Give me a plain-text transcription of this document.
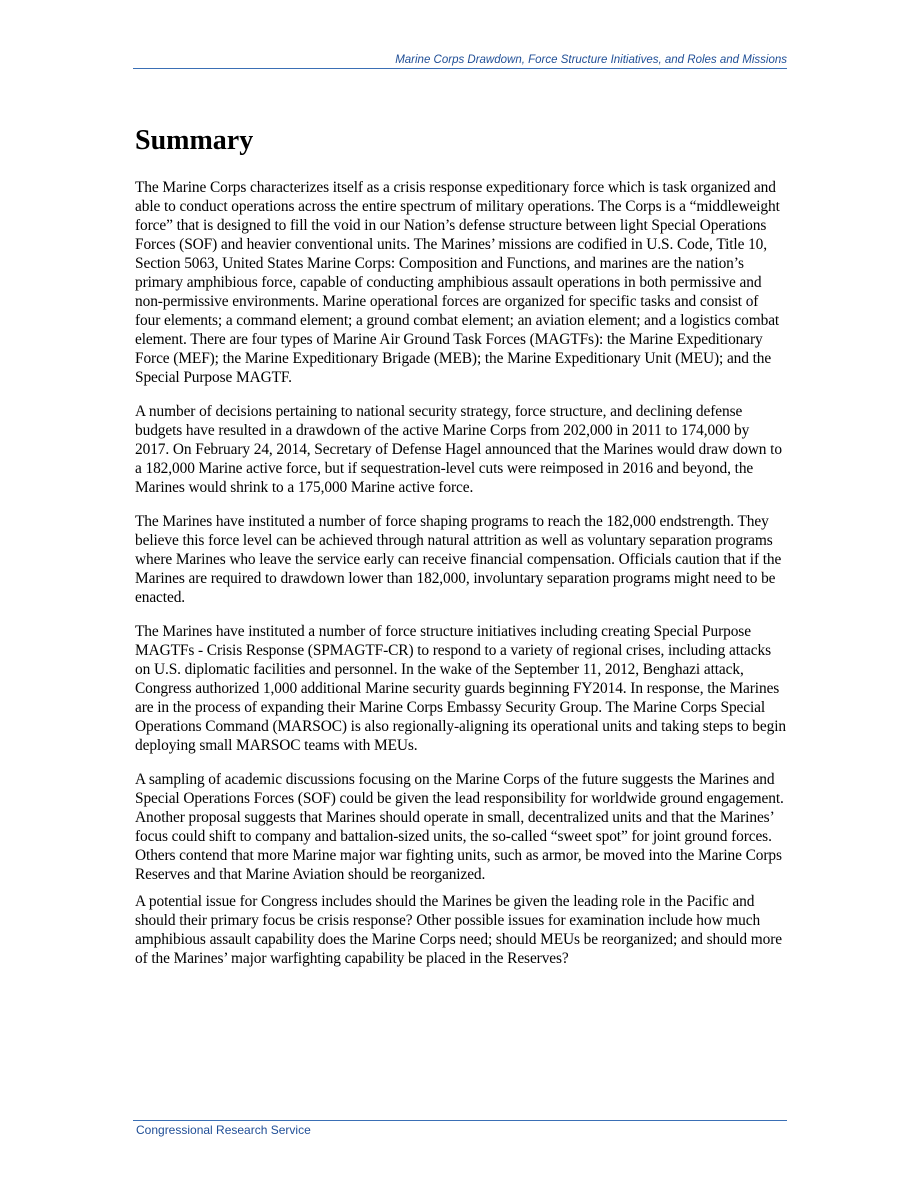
Marine Corps Drawdown, Force Structure Initiatives, and Roles and Missions
Summary

The Marine Corps characterizes itself as a crisis response expeditionary force which is task organized and able to conduct operations across the entire spectrum of military operations. The Corps is a “middleweight force” that is designed to fill the void in our Nation’s defense structure between light Special Operations Forces (SOF) and heavier conventional units. The Marines’ missions are codified in U.S. Code, Title 10, Section 5063, United States Marine Corps: Composition and Functions, and marines are the nation’s primary amphibious force, capable of conducting amphibious assault operations in both permissive and non-permissive environments. Marine operational forces are organized for specific tasks and consist of four elements; a command element; a ground combat element; an aviation element; and a logistics combat element. There are four types of Marine Air Ground Task Forces (MAGTFs): the Marine Expeditionary Force (MEF); the Marine Expeditionary Brigade (MEB); the Marine Expeditionary Unit (MEU); and the Special Purpose MAGTF.

A number of decisions pertaining to national security strategy, force structure, and declining defense budgets have resulted in a drawdown of the active Marine Corps from 202,000 in 2011 to 174,000 by 2017. On February 24, 2014, Secretary of Defense Hagel announced that the Marines would draw down to a 182,000 Marine active force, but if sequestration-level cuts were reimposed in 2016 and beyond, the Marines would shrink to a 175,000 Marine active force.

The Marines have instituted a number of force shaping programs to reach the 182,000 endstrength. They believe this force level can be achieved through natural attrition as well as voluntary separation programs where Marines who leave the service early can receive financial compensation. Officials caution that if the Marines are required to drawdown lower than 182,000, involuntary separation programs might need to be enacted.

The Marines have instituted a number of force structure initiatives including creating Special Purpose MAGTFs - Crisis Response (SPMAGTF-CR) to respond to a variety of regional crises, including attacks on U.S. diplomatic facilities and personnel. In the wake of the September 11, 2012, Benghazi attack, Congress authorized 1,000 additional Marine security guards beginning FY2014. In response, the Marines are in the process of expanding their Marine Corps Embassy Security Group. The Marine Corps Special Operations Command (MARSOC) is also regionally-aligning its operational units and taking steps to begin deploying small MARSOC teams with MEUs.

A sampling of academic discussions focusing on the Marine Corps of the future suggests the Marines and Special Operations Forces (SOF) could be given the lead responsibility for worldwide ground engagement. Another proposal suggests that Marines should operate in small, decentralized units and that the Marines’ focus could shift to company and battalion-sized units, the so-called “sweet spot” for joint ground forces. Others contend that more Marine major war fighting units, such as armor, be moved into the Marine Corps Reserves and that Marine Aviation should be reorganized.

A potential issue for Congress includes should the Marines be given the leading role in the Pacific and should their primary focus be crisis response? Other possible issues for examination include how much amphibious assault capability does the Marine Corps need; should MEUs be reorganized; and should more of the Marines’ major warfighting capability be placed in the Reserves?

Congressional Research Service
